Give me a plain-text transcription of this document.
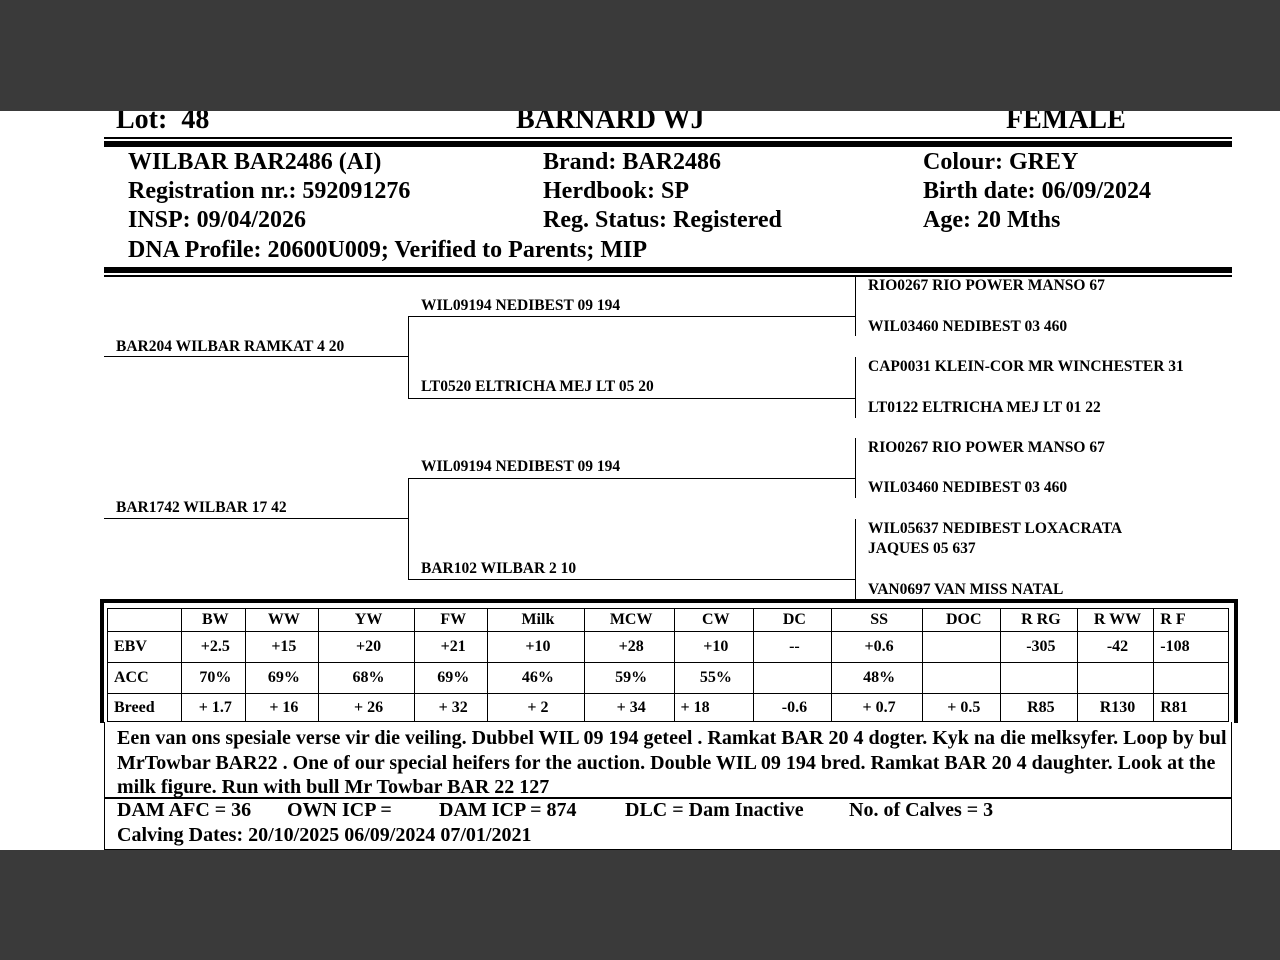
Lot: 48	BARNARD WJ	FEMALE
WILBAR BAR2486 (AI)
Registration nr.: 592091276
INSP: 09/04/2026
DNA Profile: 20600U009; Verified to Parents; MIP
Brand: BAR2486
Herdbook: SP
Reg. Status: Registered
Colour: GREY
Birth date: 06/09/2024
Age: 20 Mths
BAR204 WILBAR RAMKAT 4 20
BAR1742 WILBAR 17 42
WIL09194 NEDIBEST 09 194
LT0520 ELTRICHA MEJ LT 05 20
WIL09194 NEDIBEST 09 194
BAR102 WILBAR 2 10
RIO0267 RIO POWER MANSO 67
WIL03460 NEDIBEST 03 460
CAP0031 KLEIN-COR MR WINCHESTER 31
LT0122 ELTRICHA MEJ LT 01 22
RIO0267 RIO POWER MANSO 67
WIL03460 NEDIBEST 03 460
WIL05637 NEDIBEST LOXACRATA
JAQUES 05 637
VAN0697 VAN MISS NATAL
	BW	WW	YW	FW	Milk	MCW	CW	DC	SS	DOC	R RG	R WW	R F
EBV	+2.5	+15	+20	+21	+10	+28	+10	--	+0.6		-305	-42	-108
ACC	70%	69%	68%	69%	46%	59%	55%		48%				
Breed	+ 1.7	+ 16	+ 26	+ 32	+ 2	+ 34	+ 18	-0.6	+ 0.7	+ 0.5	R85	R130	R81
Een van ons spesiale verse vir die veiling. Dubbel WIL 09 194 geteel . Ramkat BAR 20 4 dogter. Kyk na die melksyfer. Loop by bul MrTowbar BAR22 . One of our special heifers for the auction. Double WIL 09 194 bred. Ramkat BAR 20 4 daughter. Look at the milk figure. Run with bull Mr Towbar BAR 22 127
DAM AFC = 36 OWN ICP = DAM ICP = 874 DLC = Dam Inactive No. of Calves = 3
Calving Dates: 20/10/2025 06/09/2024 07/01/2021
